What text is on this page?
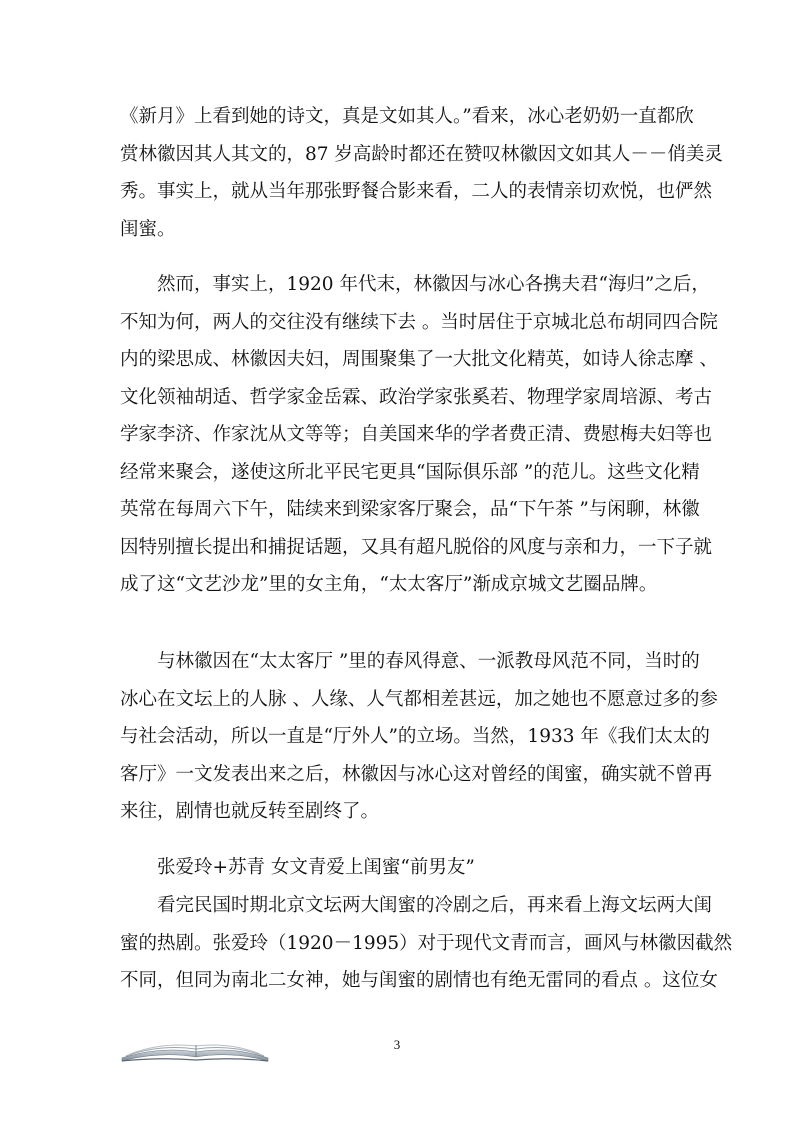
《新月》上看到她的诗文，真是文如其人。”看来，冰心老奶奶一直都欣
赏林徽因其人其文的，87 岁高龄时都还在赞叹林徽因文如其人－－俏美灵
秀。事实上，就从当年那张野餐合影来看，二人的表情亲切欢悦，也俨然
闺蜜。
然而，事实上，1920 年代末，林徽因与冰心各携夫君“海归”之后，
不知为何，两人的交往没有继续下去 。当时居住于京城北总布胡同四合院
内的梁思成、林徽因夫妇，周围聚集了一大批文化精英，如诗人徐志摩 、
文化领袖胡适、哲学家金岳霖、政治学家张奚若、物理学家周培源、考古
学家李济、作家沈从文等等；自美国来华的学者费正清、费慰梅夫妇等也
经常来聚会，遂使这所北平民宅更具“国际俱乐部 ”的范儿。这些文化精
英常在每周六下午，陆续来到梁家客厅聚会，品“下午茶 ”与闲聊，林徽
因特别擅长提出和捕捉话题，又具有超凡脱俗的风度与亲和力，一下子就
成了这“文艺沙龙”里的女主角，“太太客厅”渐成京城文艺圈品牌。
与林徽因在“太太客厅 ”里的春风得意、一派教母风范不同，当时的
冰心在文坛上的人脉 、人缘、人气都相差甚远，加之她也不愿意过多的参
与社会活动，所以一直是“厅外人”的立场。当然，1933 年《我们太太的
客厅》一文发表出来之后，林徽因与冰心这对曾经的闺蜜，确实就不曾再
来往，剧情也就反转至剧终了。
张爱玲+苏青 女文青爱上闺蜜“前男友”
看完民国时期北京文坛两大闺蜜的冷剧之后，再来看上海文坛两大闺
蜜的热剧。张爱玲（1920－1995）对于现代文青而言，画风与林徽因截然
不同，但同为南北二女神，她与闺蜜的剧情也有绝无雷同的看点 。这位女
3
